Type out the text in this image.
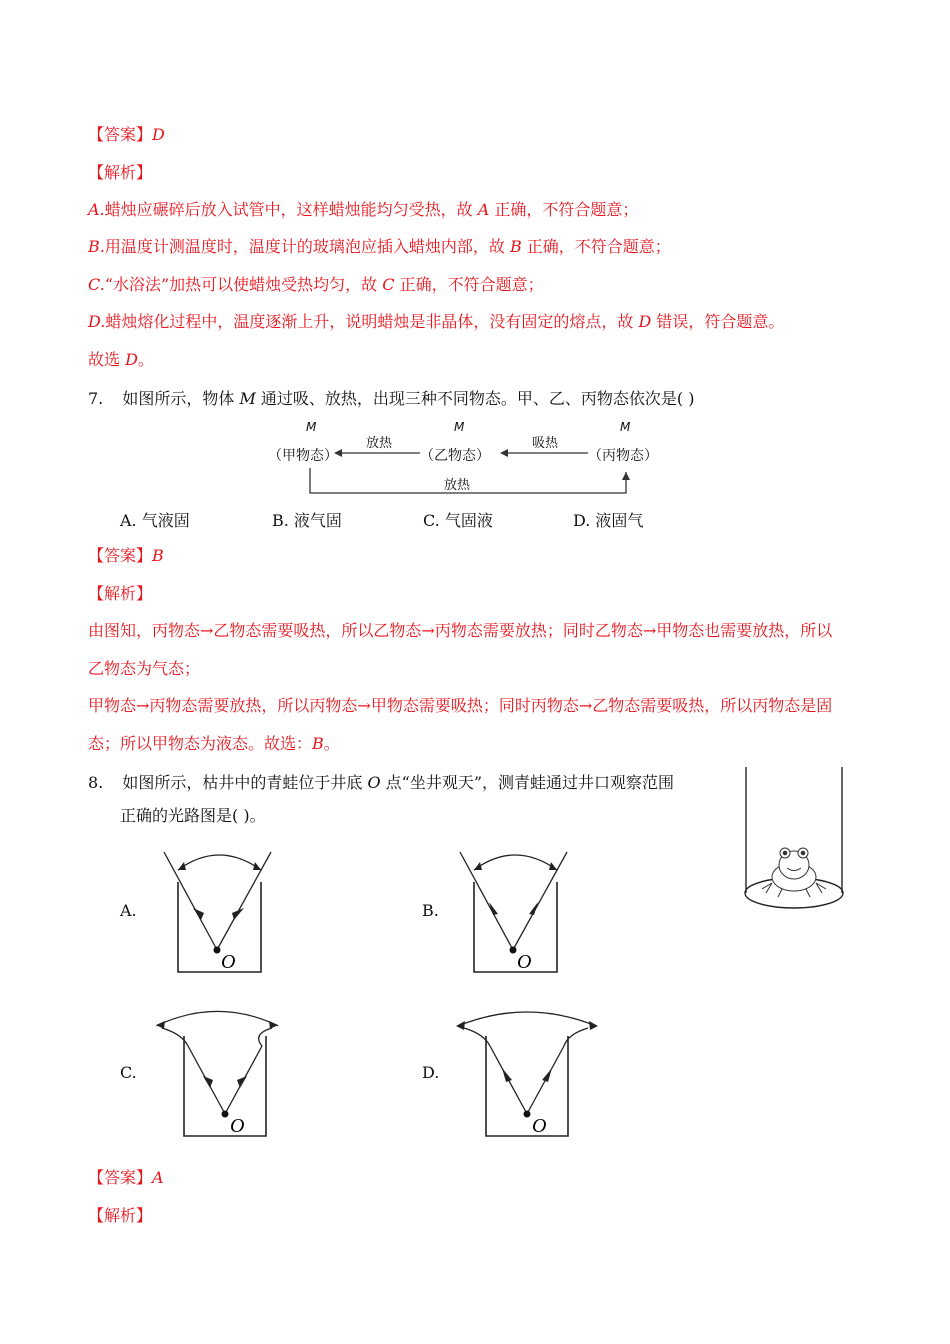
【答案】D
【解析】
A.蜡烛应碾碎后放入试管中，这样蜡烛能均匀受热，故 A 正确，不符合题意；
B.用温度计测温度时，温度计的玻璃泡应插入蜡烛内部，故 B 正确，不符合题意；
C.“水浴法”加热可以使蜡烛受热均匀，故 C 正确，不符合题意；
D.蜡烛熔化过程中，温度逐渐上升，说明蜡烛是非晶体，没有固定的熔点，故 D 错误，符合题意。
故选 D。
7. 如图所示，物体 M 通过吸、放热，出现三种不同物态。甲、乙、丙物态依次是( )
M	M	M
（甲物态）	（乙物态）	（丙物态）
放热	吸热
放热
A. 气液固	B. 液气固	C. 气固液	D. 液固气
【答案】B
【解析】
由图知，丙物态→乙物态需要吸热，所以乙物态→丙物态需要放热；同时乙物态→甲物态也需要放热，所以
乙物态为气态；
甲物态→丙物态需要放热，所以丙物态→甲物态需要吸热；同时丙物态→乙物态需要吸热，所以丙物态是固
态；所以甲物态为液态。故选：B。
8. 如图所示，枯井中的青蛙位于井底 O 点“坐井观天”，测青蛙通过井口观察范围
正确的光路图是( )。
A.
O
B.
O
C.
O
D.
O
【答案】A
【解析】
